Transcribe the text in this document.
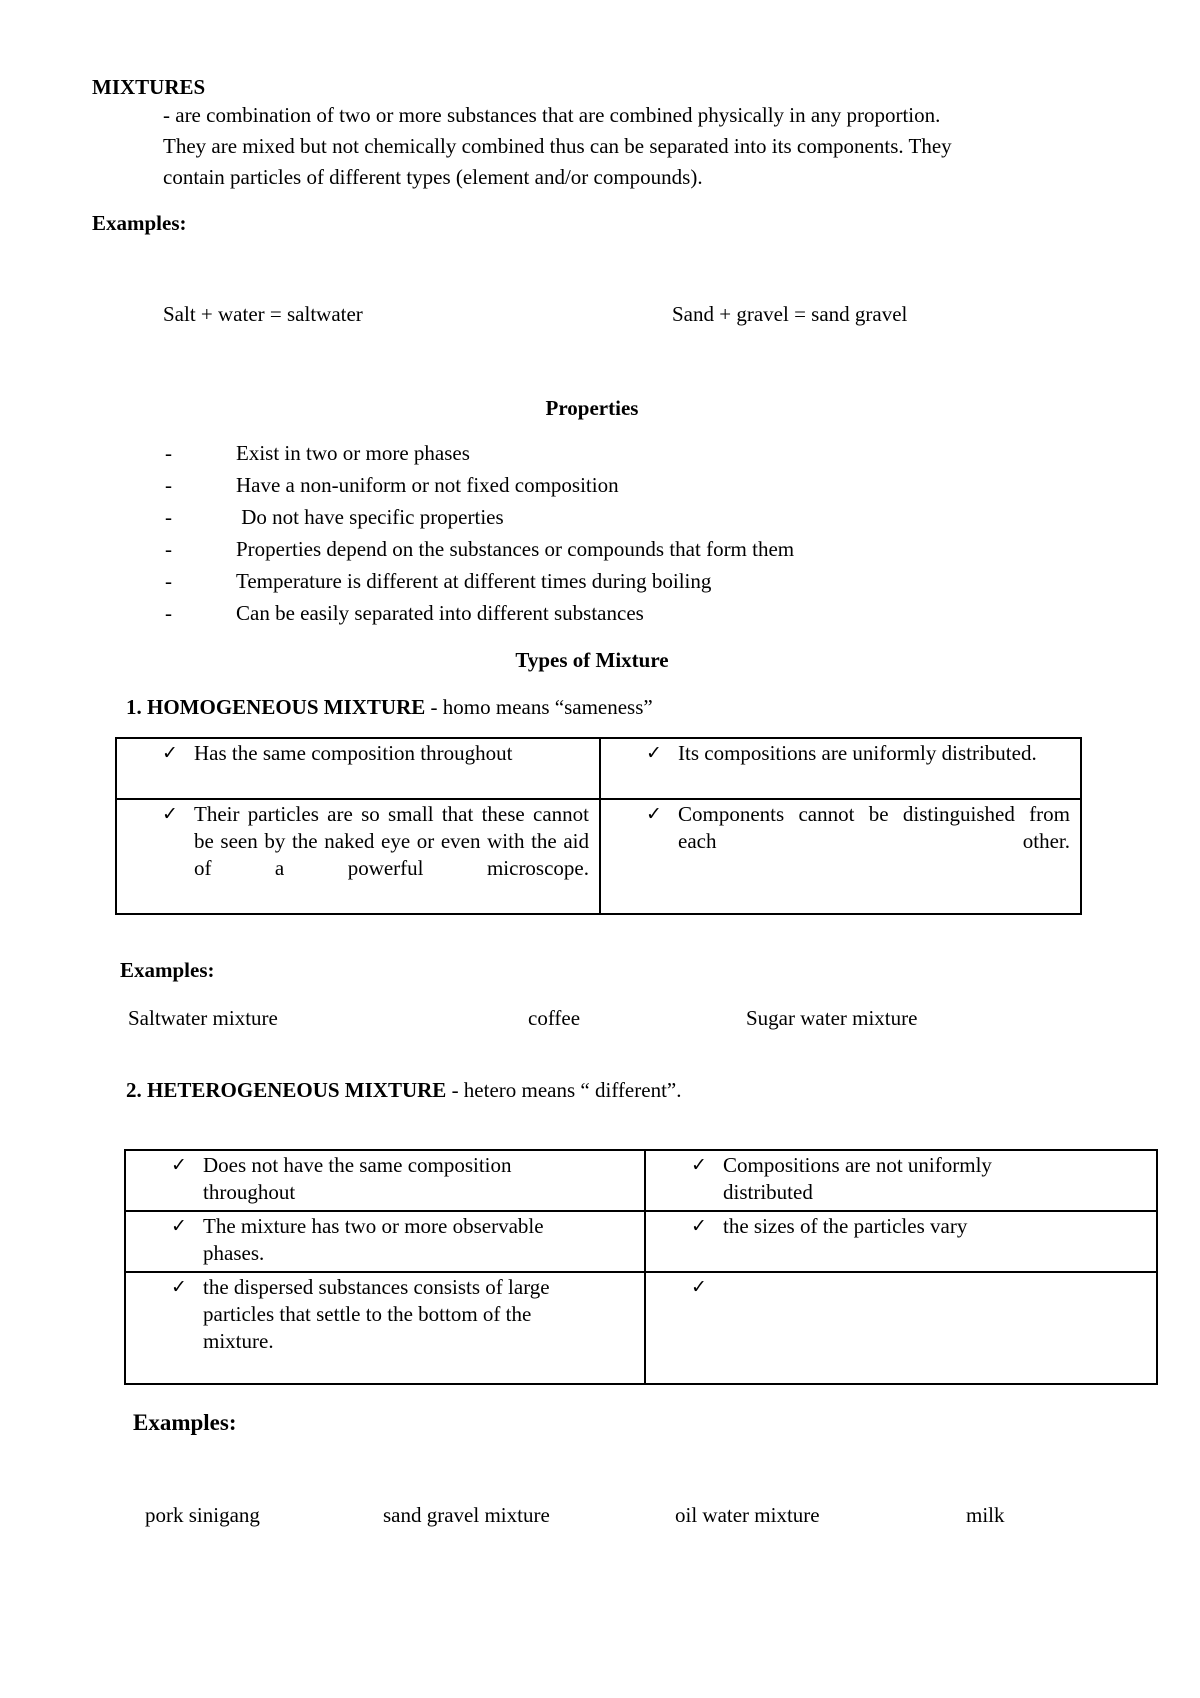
MIXTURES
- are combination of two or more substances that are combined physically in any proportion.
They are mixed but not chemically combined thus can be separated into its components. They
contain particles of different types (element and/or compounds).
Examples:
Salt + water = saltwater	Sand + gravel = sand gravel
Properties
-	Exist in two or more phases
-	Have a non-uniform or not fixed composition
-	Do not have specific properties
-	Properties depend on the substances or compounds that form them
-	Temperature is different at different times during boiling
-	Can be easily separated into different substances
Types of Mixture
1. HOMOGENEOUS MIXTURE - homo means “sameness”
✓ Has the same composition throughout	✓ Its compositions are uniformly distributed.

✓ Their particles are so small that these cannot be seen by the naked eye or even with the aid of a powerful microscope.	✓ Components cannot be distinguished from each other.
Examples:
Saltwater mixture	coffee	Sugar water mixture
2. HETEROGENEOUS MIXTURE - hetero means “ different”.
✓ Does not have the same composition throughout	✓ Compositions are not uniformly distributed

✓ The mixture has two or more observable phases.	✓ the sizes of the particles vary

✓ the dispersed substances consists of large particles that settle to the bottom of the mixture.	✓
Examples:
pork sinigang	sand gravel mixture	oil water mixture	milk
